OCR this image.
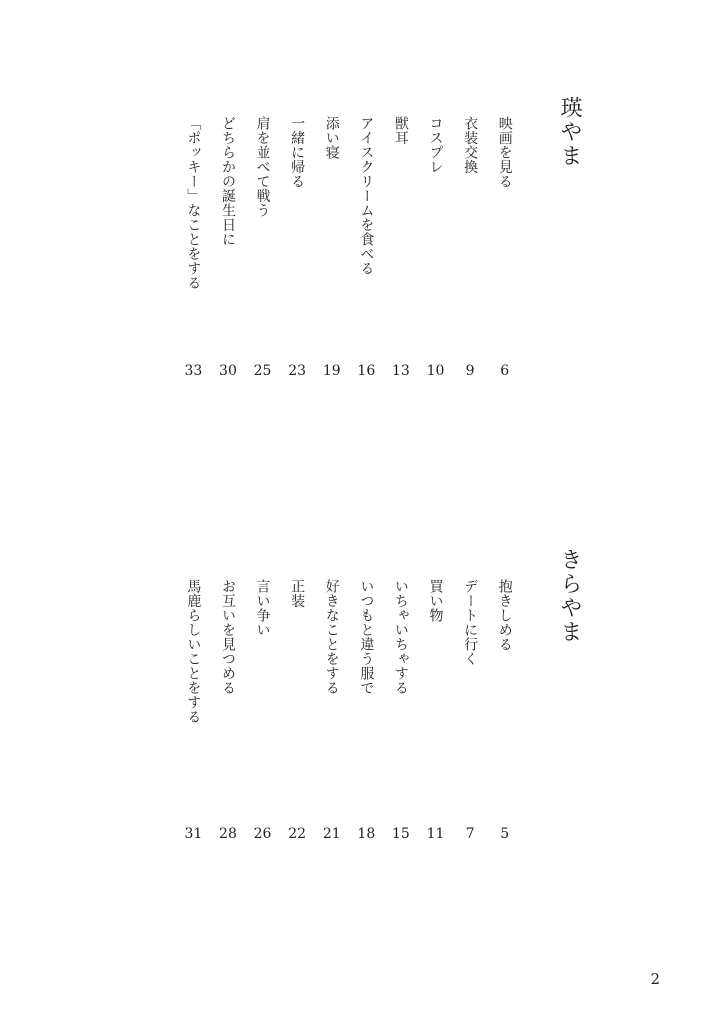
瑛やま
映画を見る
6
衣装交換
9
コスプレ
10
獣耳
13
アイスクリームを食べる
16
添い寝
19
一緒に帰る
23
肩を並べて戦う
25
どちらかの誕生日に
30
「ポッキー」なことをする
33
きらやま
抱きしめる
5
デートに行く
7
買い物
11
いちゃいちゃする
15
いつもと違う服で
18
好きなことをする
21
正装
22
言い争い
26
お互いを見つめる
28
馬鹿らしいことをする
31
2
